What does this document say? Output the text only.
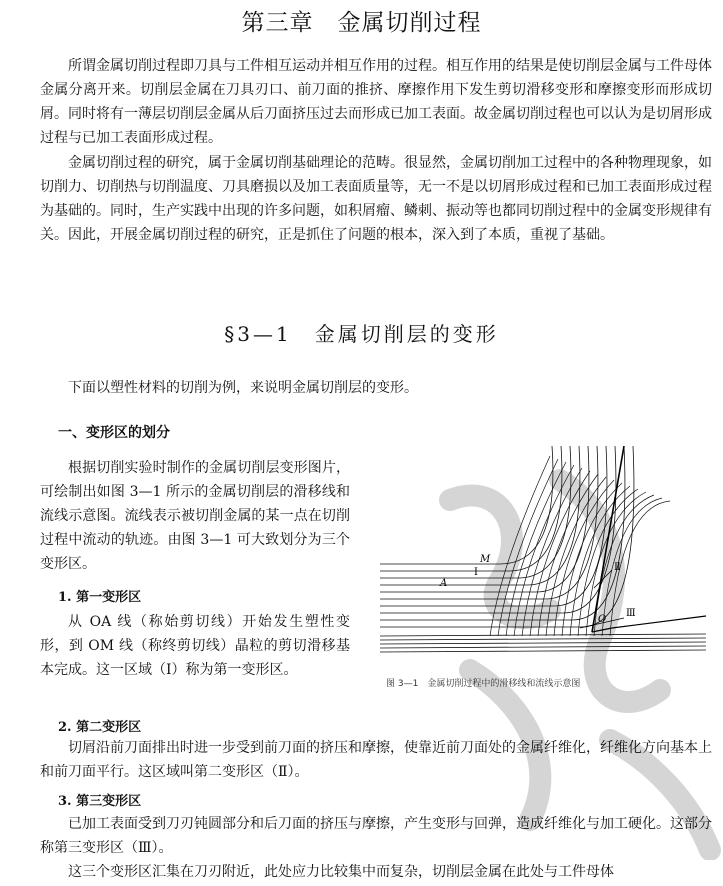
第三章　金属切削过程

所谓金属切削过程即刀具与工件相互运动并相互作用的过程。相互作用的结果是使切削层金属与工件母体金属分离开来。切削层金属在刀具刃口、前刀面的推挤、摩擦作用下发生剪切滑移变形和摩擦变形而形成切屑。同时将有一薄层切削层金属从后刀面挤压过去而形成已加工表面。故金属切削过程也可以认为是切屑形成过程与已加工表面形成过程。

金属切削过程的研究，属于金属切削基础理论的范畴。很显然，金属切削加工过程中的各种物理现象，如切削力、切削热与切削温度、刀具磨损以及加工表面质量等，无一不是以切屑形成过程和已加工表面形成过程为基础的。同时，生产实践中出现的许多问题，如积屑瘤、鳞刺、振动等也都同切削过程中的金属变形规律有关。因此，开展金属切削过程的研究，正是抓住了问题的根本，深入到了本质，重视了基础。

§3—1　金属切削层的变形

下面以塑性材料的切削为例，来说明金属切削层的变形。

一、变形区的划分

根据切削实验时制作的金属切削层变形图片，可绘制出如图 3—1 所示的金属切削层的滑移线和流线示意图。流线表示被切削金属的某一点在切削过程中流动的轨迹。由图 3—1 可大致划分为三个变形区。

1. 第一变形区

从 OA 线（称始剪切线）开始发生塑性变形，到 OM 线（称终剪切线）晶粒的剪切滑移基本完成。这一区域（Ⅰ）称为第一变形区。

2. 第二变形区

切屑沿前刀面排出时进一步受到前刀面的挤压和摩擦，使靠近前刀面处的金属纤维化，纤维化方向基本上和前刀面平行。这区域叫第二变形区（Ⅱ）。

3. 第三变形区

已加工表面受到刀刃钝圆部分和后刀面的挤压与摩擦，产生变形与回弹，造成纤维化与加工硬化。这部分称第三变形区（Ⅲ）。

这三个变形区汇集在刀刃附近，此处应力比较集中而复杂，切削层金属在此处与工件母体

M
Ⅰ
A
Ⅱ
O
Ⅲ
图 3—1　金属切削过程中的滑移线和流线示意图
